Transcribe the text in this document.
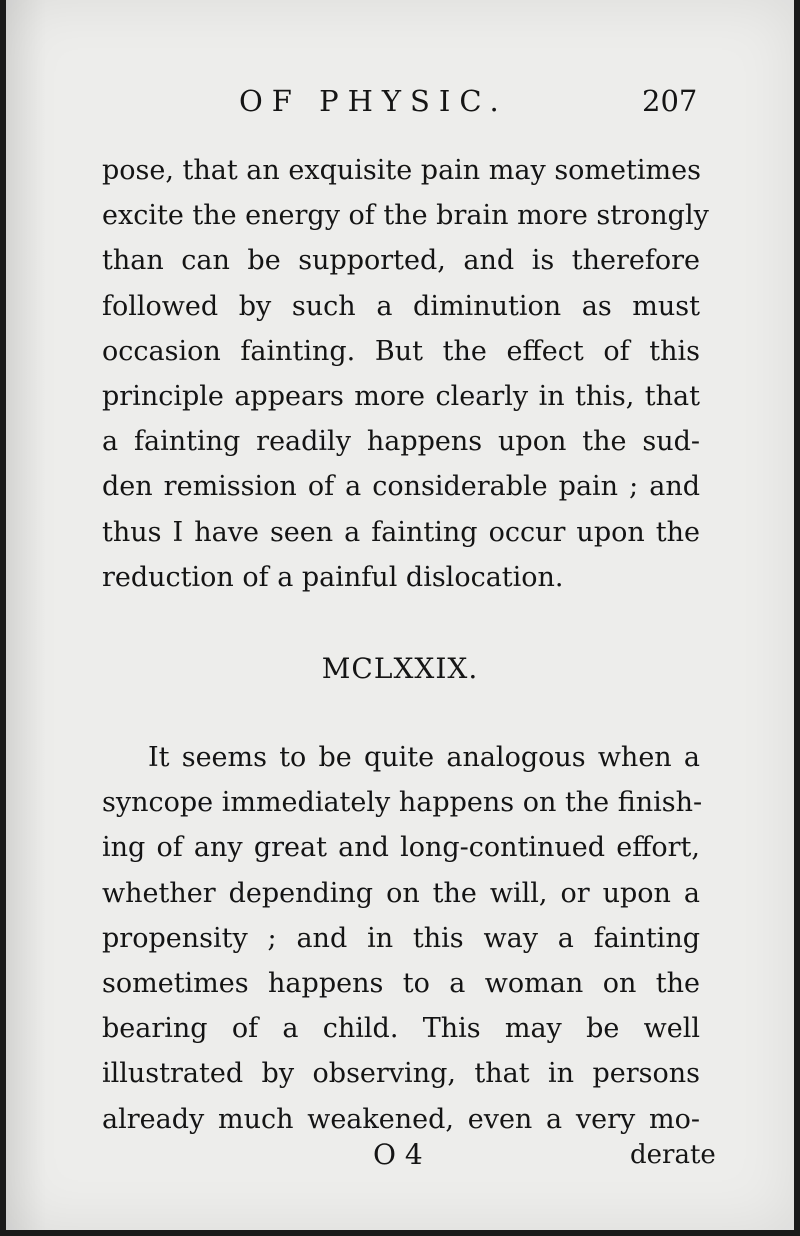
OF PHYSIC.	207
pose, that an exquisite pain may sometimes
excite the energy of the brain more strongly
than can be supported, and is therefore
followed by such a diminution as must
occasion fainting. But the effect of this
principle appears more clearly in this, that
a fainting readily happens upon the sud-
den remission of a considerable pain ; and
thus I have seen a fainting occur upon the
reduction of a painful dislocation.
MCLXXIX.
It seems to be quite analogous when a
syncope immediately happens on the finish-
ing of any great and long-continued effort,
whether depending on the will, or upon a
propensity ; and in this way a fainting
sometimes happens to a woman on the
bearing of a child. This may be well
illustrated by observing, that in persons
already much weakened, even a very mo-
O 4	derate
